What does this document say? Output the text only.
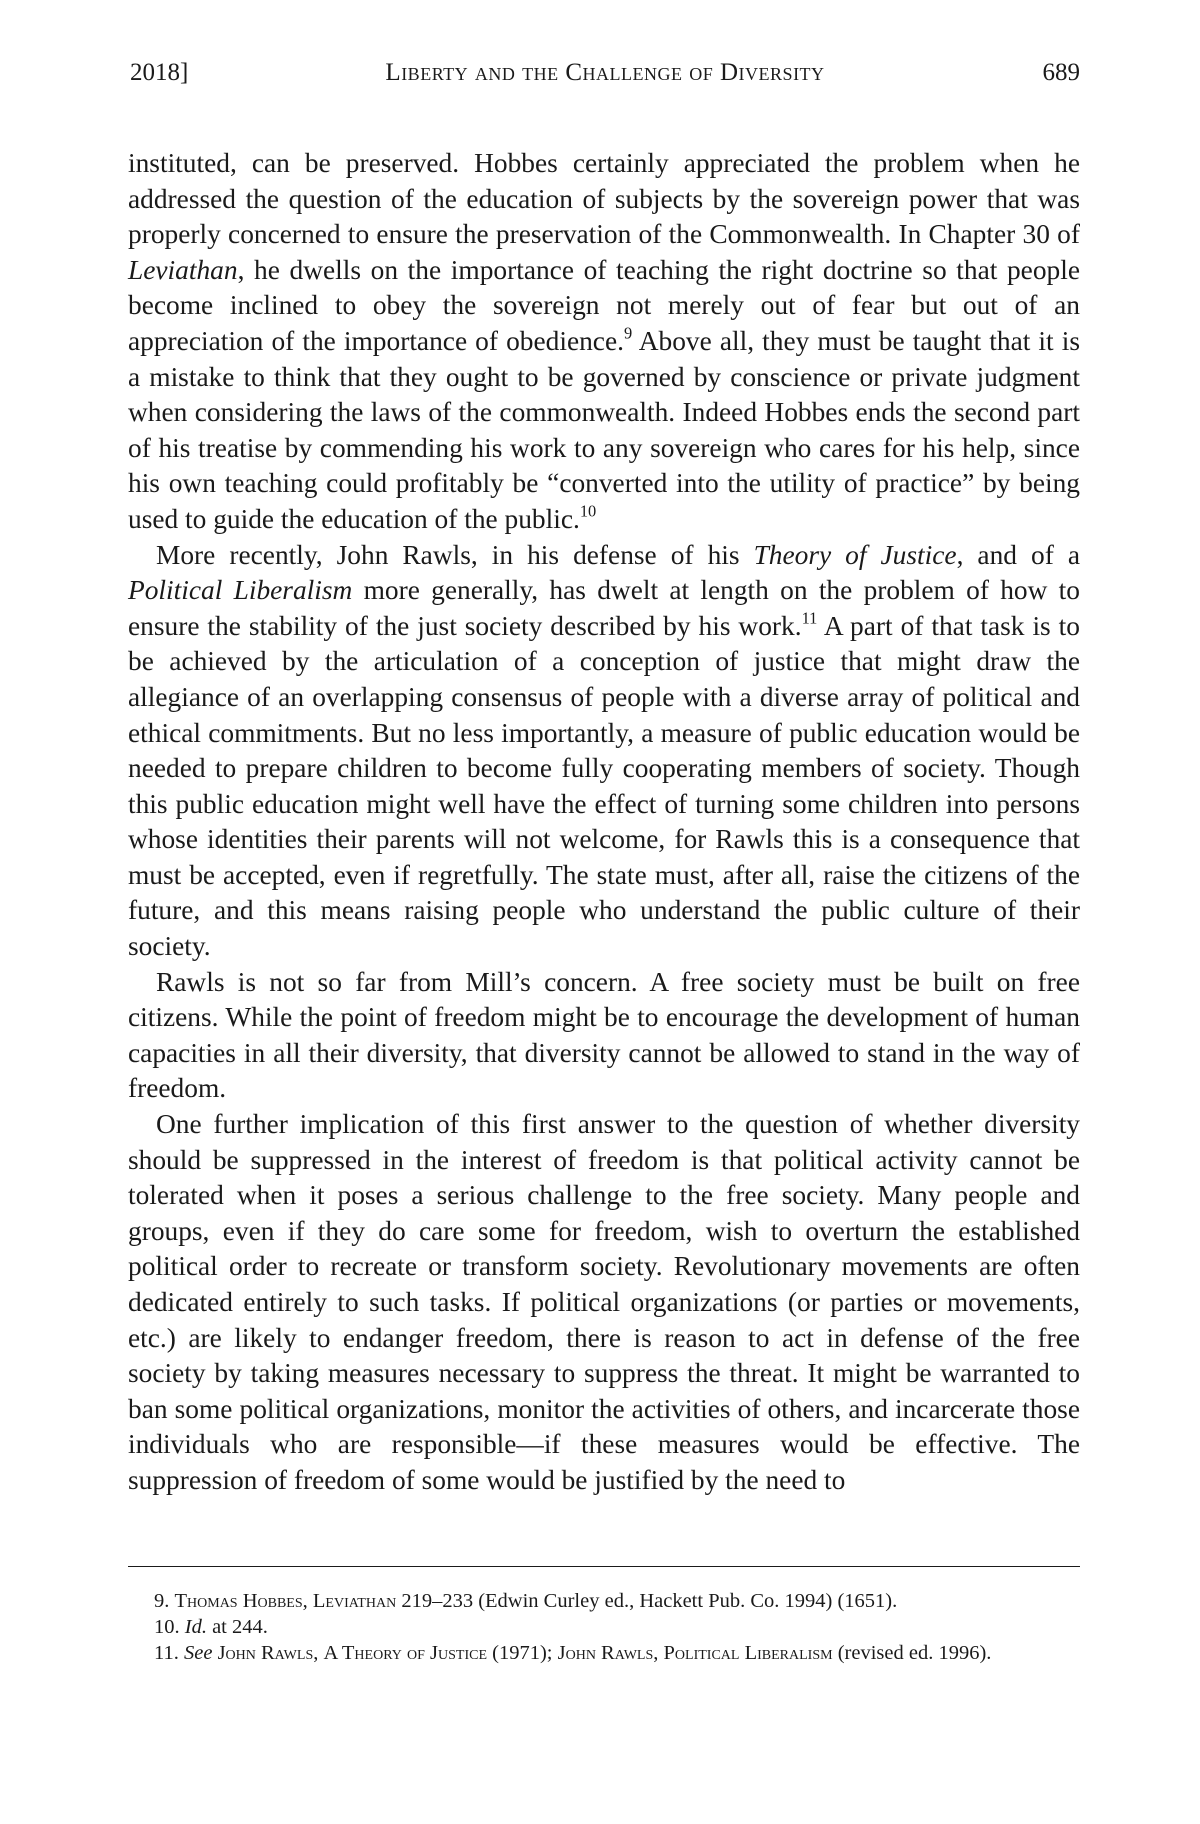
2018]	Liberty and the Challenge of Diversity	689

instituted, can be preserved. Hobbes certainly appreciated the problem when he addressed the question of the education of subjects by the sovereign power that was properly concerned to ensure the preservation of the Commonwealth. In Chapter 30 of Leviathan, he dwells on the importance of teaching the right doctrine so that people become inclined to obey the sovereign not merely out of fear but out of an appreciation of the importance of obedience.$^9$ Above all, they must be taught that it is a mistake to think that they ought to be governed by conscience or private judgment when considering the laws of the commonwealth. Indeed Hobbes ends the second part of his treatise by commending his work to any sovereign who cares for his help, since his own teaching could profitably be “converted into the utility of practice” by being used to guide the education of the public.$^{10}$

More recently, John Rawls, in his defense of his Theory of Justice, and of a Political Liberalism more generally, has dwelt at length on the problem of how to ensure the stability of the just society described by his work.$^{11}$ A part of that task is to be achieved by the articulation of a conception of justice that might draw the allegiance of an overlapping consensus of people with a diverse array of political and ethical commitments. But no less importantly, a measure of public education would be needed to prepare children to become fully cooperating members of society. Though this public education might well have the effect of turning some children into persons whose identities their parents will not welcome, for Rawls this is a consequence that must be accepted, even if regretfully. The state must, after all, raise the citizens of the future, and this means raising people who understand the public culture of their society.

Rawls is not so far from Mill’s concern. A free society must be built on free citizens. While the point of freedom might be to encourage the development of human capacities in all their diversity, that diversity cannot be allowed to stand in the way of freedom.

One further implication of this first answer to the question of whether diversity should be suppressed in the interest of freedom is that political activity cannot be tolerated when it poses a serious challenge to the free society. Many people and groups, even if they do care some for freedom, wish to overturn the established political order to recreate or transform society. Revolutionary movements are often dedicated entirely to such tasks. If political organizations (or parties or movements, etc.) are likely to endanger freedom, there is reason to act in defense of the free society by taking measures necessary to suppress the threat. It might be warranted to ban some political organizations, monitor the activities of others, and incarcerate those individuals who are responsible—if these measures would be effective. The suppression of freedom of some would be justified by the need to

9. Thomas Hobbes, Leviathan 219–233 (Edwin Curley ed., Hackett Pub. Co. 1994) (1651).

10. Id. at 244.

11. See John Rawls, A Theory of Justice (1971); John Rawls, Political Liberalism (revised ed. 1996).
